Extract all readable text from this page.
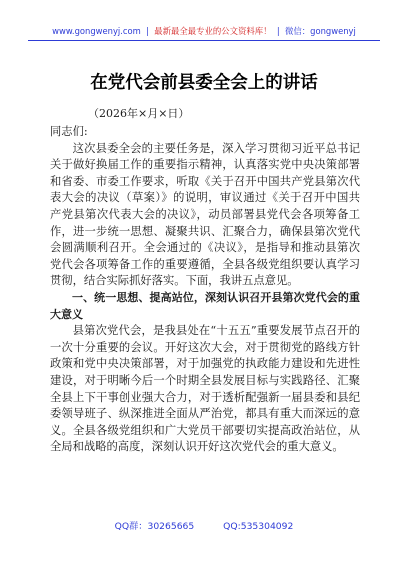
www.gongwenyj.com  |  最新最全最专业的公文资料库！  |  微信：gongwenyj
在党代会前县委全会上的讲话
（2026年×月×日）

同志们:

这次县委全会的主要任务是，深入学习贯彻习近平总书记关于做好换届工作的重要指示精神，认真落实党中央决策部署和省委、市委工作要求，听取《关于召开中国共产党县第次代表大会的决议（草案）》的说明，审议通过《关于召开中国共产党县第次代表大会的决议》，动员部署县党代会各项筹备工作，进一步统一思想、凝聚共识、汇聚合力，确保县第次党代会圆满顺利召开。全会通过的《决议》，是指导和推动县第次党代会各项筹备工作的重要遵循，全县各级党组织要认真学习贯彻，结合实际抓好落实。下面，我讲五点意见。

一、统一思想、提高站位，深刻认识召开县第次党代会的重大意义

县第次党代会，是我县处在“十五五”重要发展节点召开的一次十分重要的会议。开好这次大会，对于贯彻党的路线方针政策和党中央决策部署，对于加强党的执政能力建设和先进性建设，对于明晰今后一个时期全县发展目标与实践路径、汇聚全县上下干事创业强大合力，对于透析配强新一届县委和县纪委领导班子、纵深推进全面从严治党，都具有重大而深远的意义。全县各级党组织和广大党员干部要切实提高政治站位，从全局和战略的高度，深刻认识开好这次党代会的重大意义。

QQ群：30265665	QQ:535304092
